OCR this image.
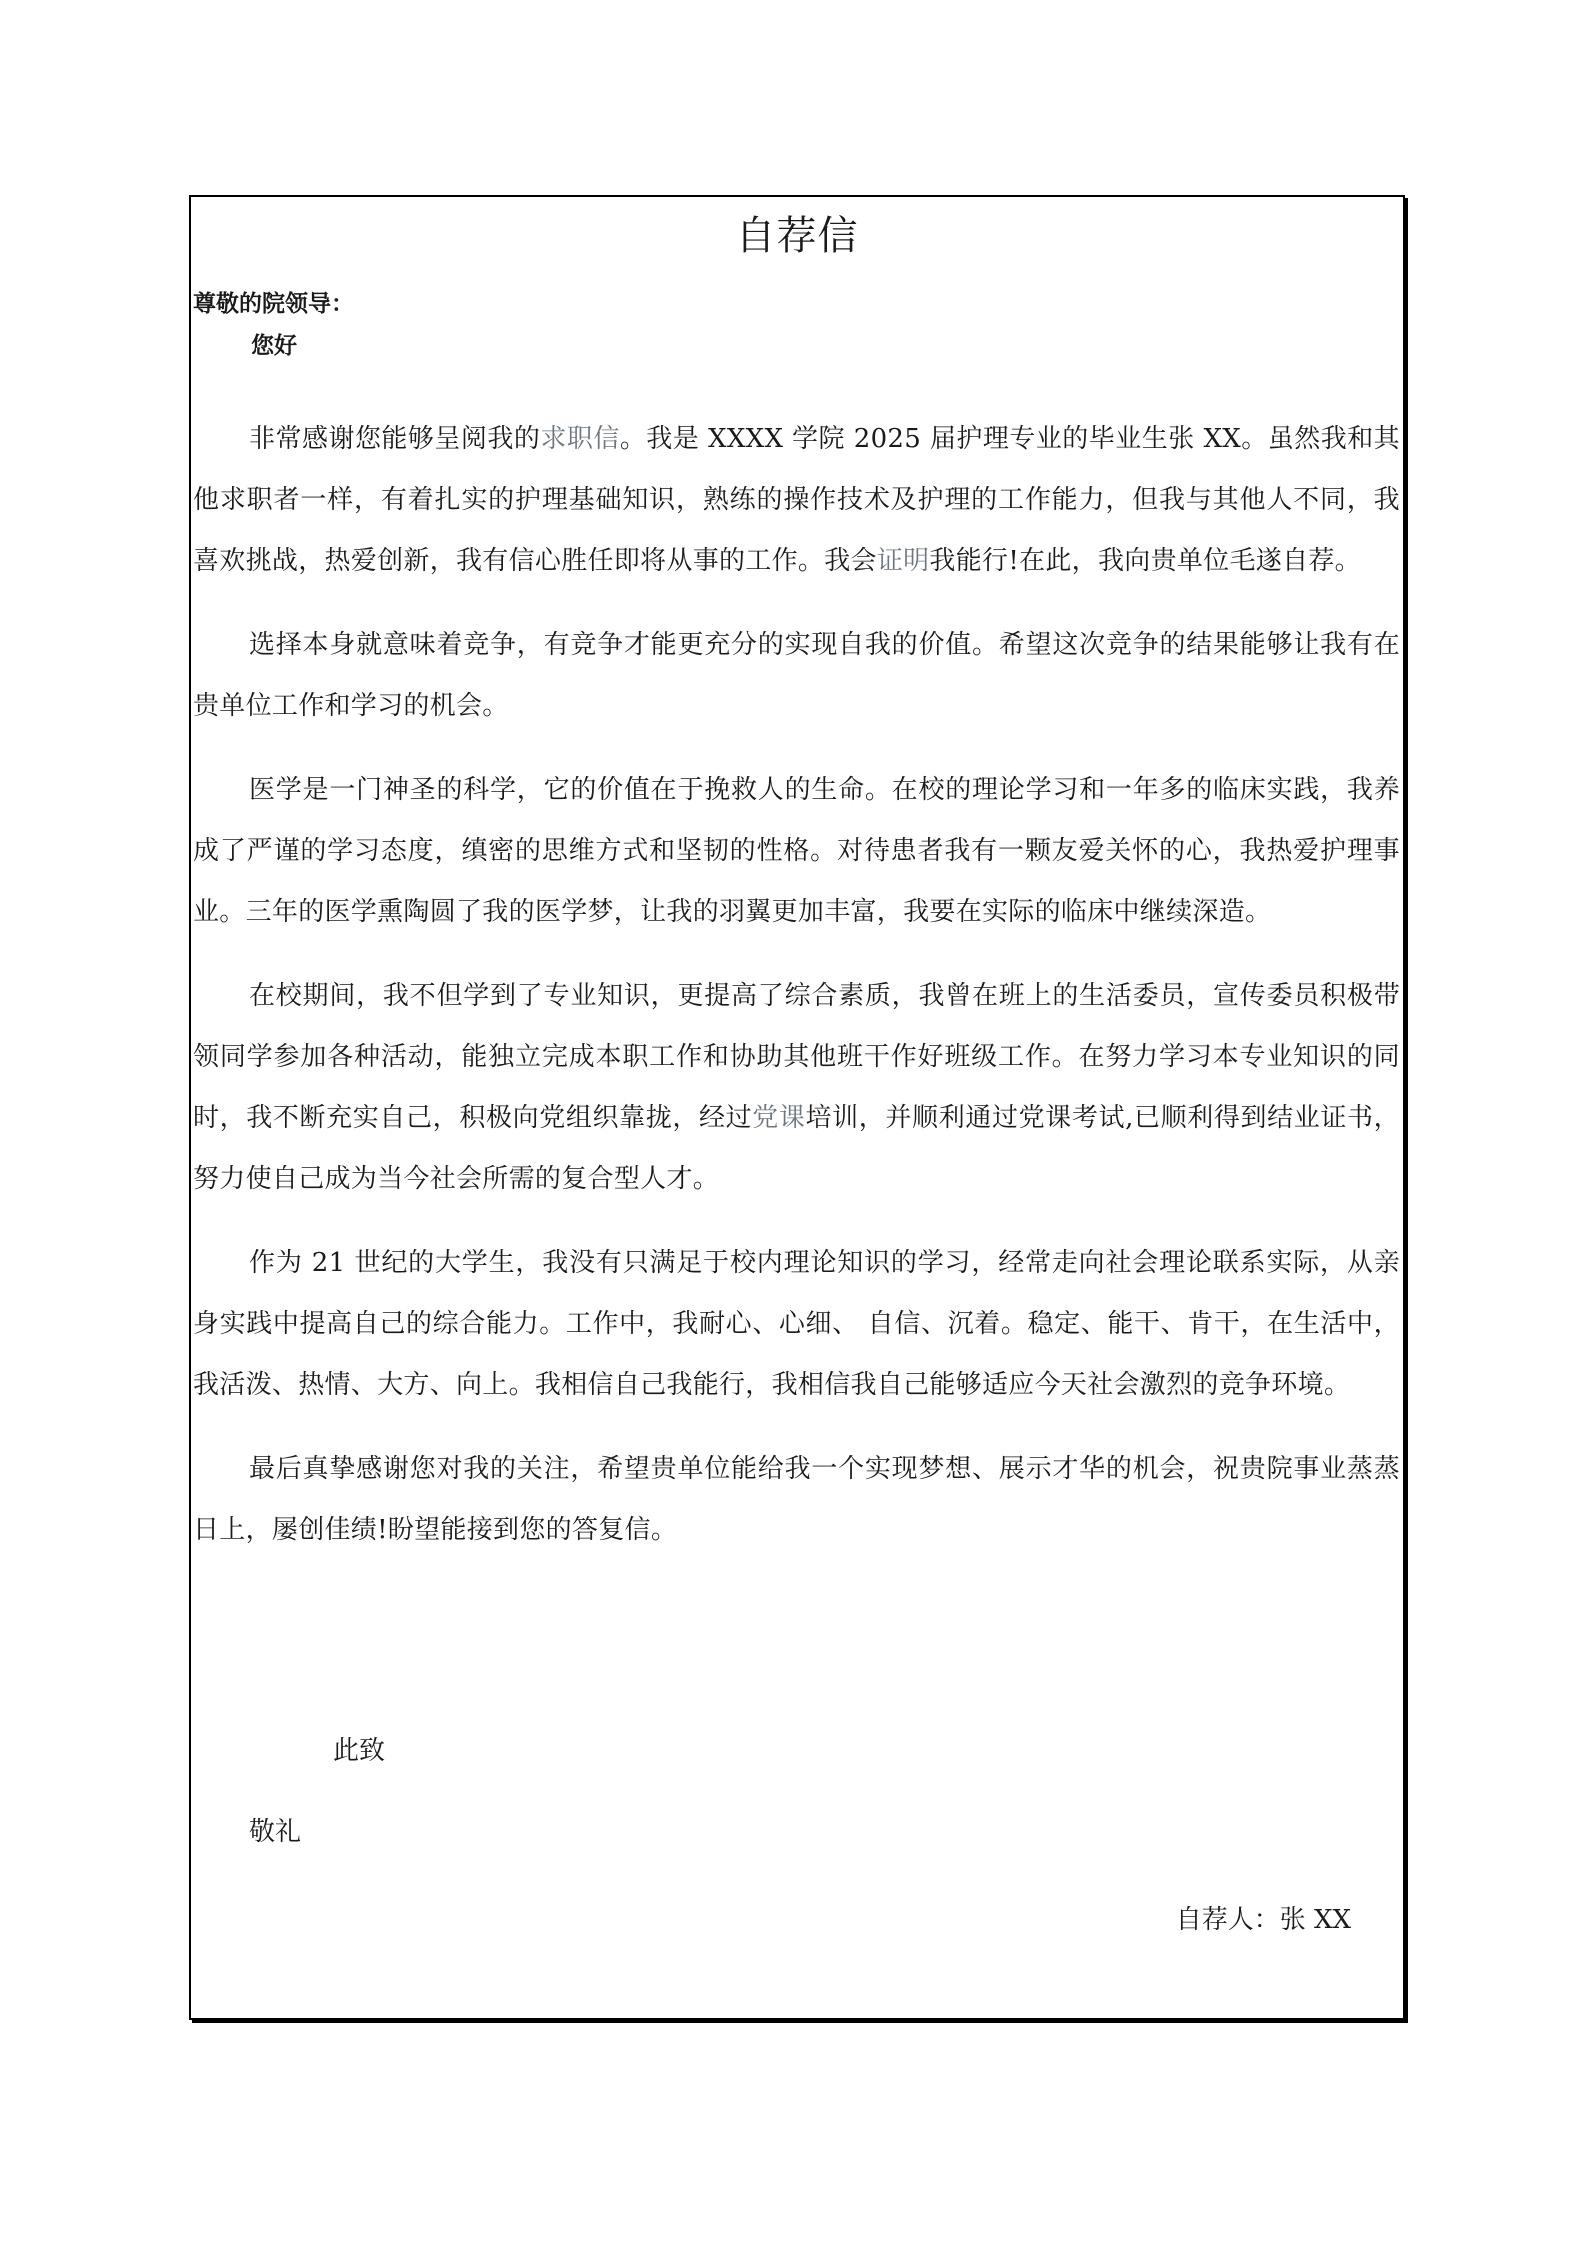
自荐信
尊敬的院领导：
您好

非常感谢您能够呈阅我的求职信。我是 XXXX 学院 2025 届护理专业的毕业生张 XX。虽然我和其他求职者一样，有着扎实的护理基础知识，熟练的操作技术及护理的工作能力，但我与其他人不同，我喜欢挑战，热爱创新，我有信心胜任即将从事的工作。我会证明我能行!在此，我向贵单位毛遂自荐。

选择本身就意味着竞争，有竞争才能更充分的实现自我的价值。希望这次竞争的结果能够让我有在贵单位工作和学习的机会。

医学是一门神圣的科学，它的价值在于挽救人的生命。在校的理论学习和一年多的临床实践，我养成了严谨的学习态度，缜密的思维方式和坚韧的性格。对待患者我有一颗友爱关怀的心，我热爱护理事业。三年的医学熏陶圆了我的医学梦，让我的羽翼更加丰富，我要在实际的临床中继续深造。

在校期间，我不但学到了专业知识，更提高了综合素质，我曾在班上的生活委员，宣传委员积极带领同学参加各种活动，能独立完成本职工作和协助其他班干作好班级工作。在努力学习本专业知识的同时，我不断充实自己，积极向党组织靠拢，经过党课培训，并顺利通过党课考试,已顺利得到结业证书，努力使自己成为当今社会所需的复合型人才。

作为 21 世纪的大学生，我没有只满足于校内理论知识的学习，经常走向社会理论联系实际，从亲身实践中提高自己的综合能力。工作中，我耐心、心细、 自信、沉着。稳定、能干、肯干，在生活中，我活泼、热情、大方、向上。我相信自己我能行，我相信我自己能够适应今天社会激烈的竞争环境。

最后真挚感谢您对我的关注，希望贵单位能给我一个实现梦想、展示才华的机会，祝贵院事业蒸蒸日上，屡创佳绩!盼望能接到您的答复信。

此致
敬礼
自荐人：张 XX
